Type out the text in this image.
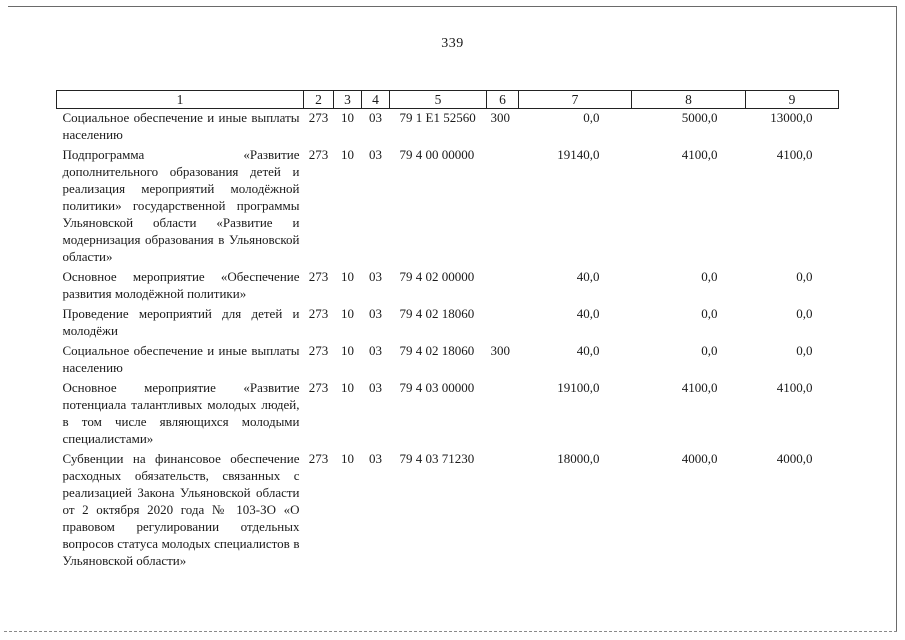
339
1	2	3	4	5	6	7	8	9
Социальное обеспечение и иные выплаты населению	273	10	03	79 1 Е1 52560	300	0,0	5000,0	13000,0
Подпрограмма «Развитие дополнительного образования детей и реализация мероприятий молодёжной политики» государственной программы Ульяновской области «Развитие и модернизация образования в Ульяновской области»	273	10	03	79 4 00 00000		19140,0	4100,0	4100,0
Основное мероприятие «Обеспечение развития молодёжной политики»	273	10	03	79 4 02 00000		40,0	0,0	0,0
Проведение мероприятий для детей и молодёжи	273	10	03	79 4 02 18060		40,0	0,0	0,0
Социальное обеспечение и иные выплаты населению	273	10	03	79 4 02 18060	300	40,0	0,0	0,0
Основное мероприятие «Развитие потенциала талантливых молодых людей, в том числе являющихся молодыми специалистами»	273	10	03	79 4 03 00000		19100,0	4100,0	4100,0
Субвенции на финансовое обеспечение расходных обязательств, связанных с реализацией Закона Ульяновской области от 2 октября 2020 года № 103-ЗО «О правовом регулировании отдельных вопросов статуса молодых специалистов в Ульяновской области»	273	10	03	79 4 03 71230		18000,0	4000,0	4000,0
